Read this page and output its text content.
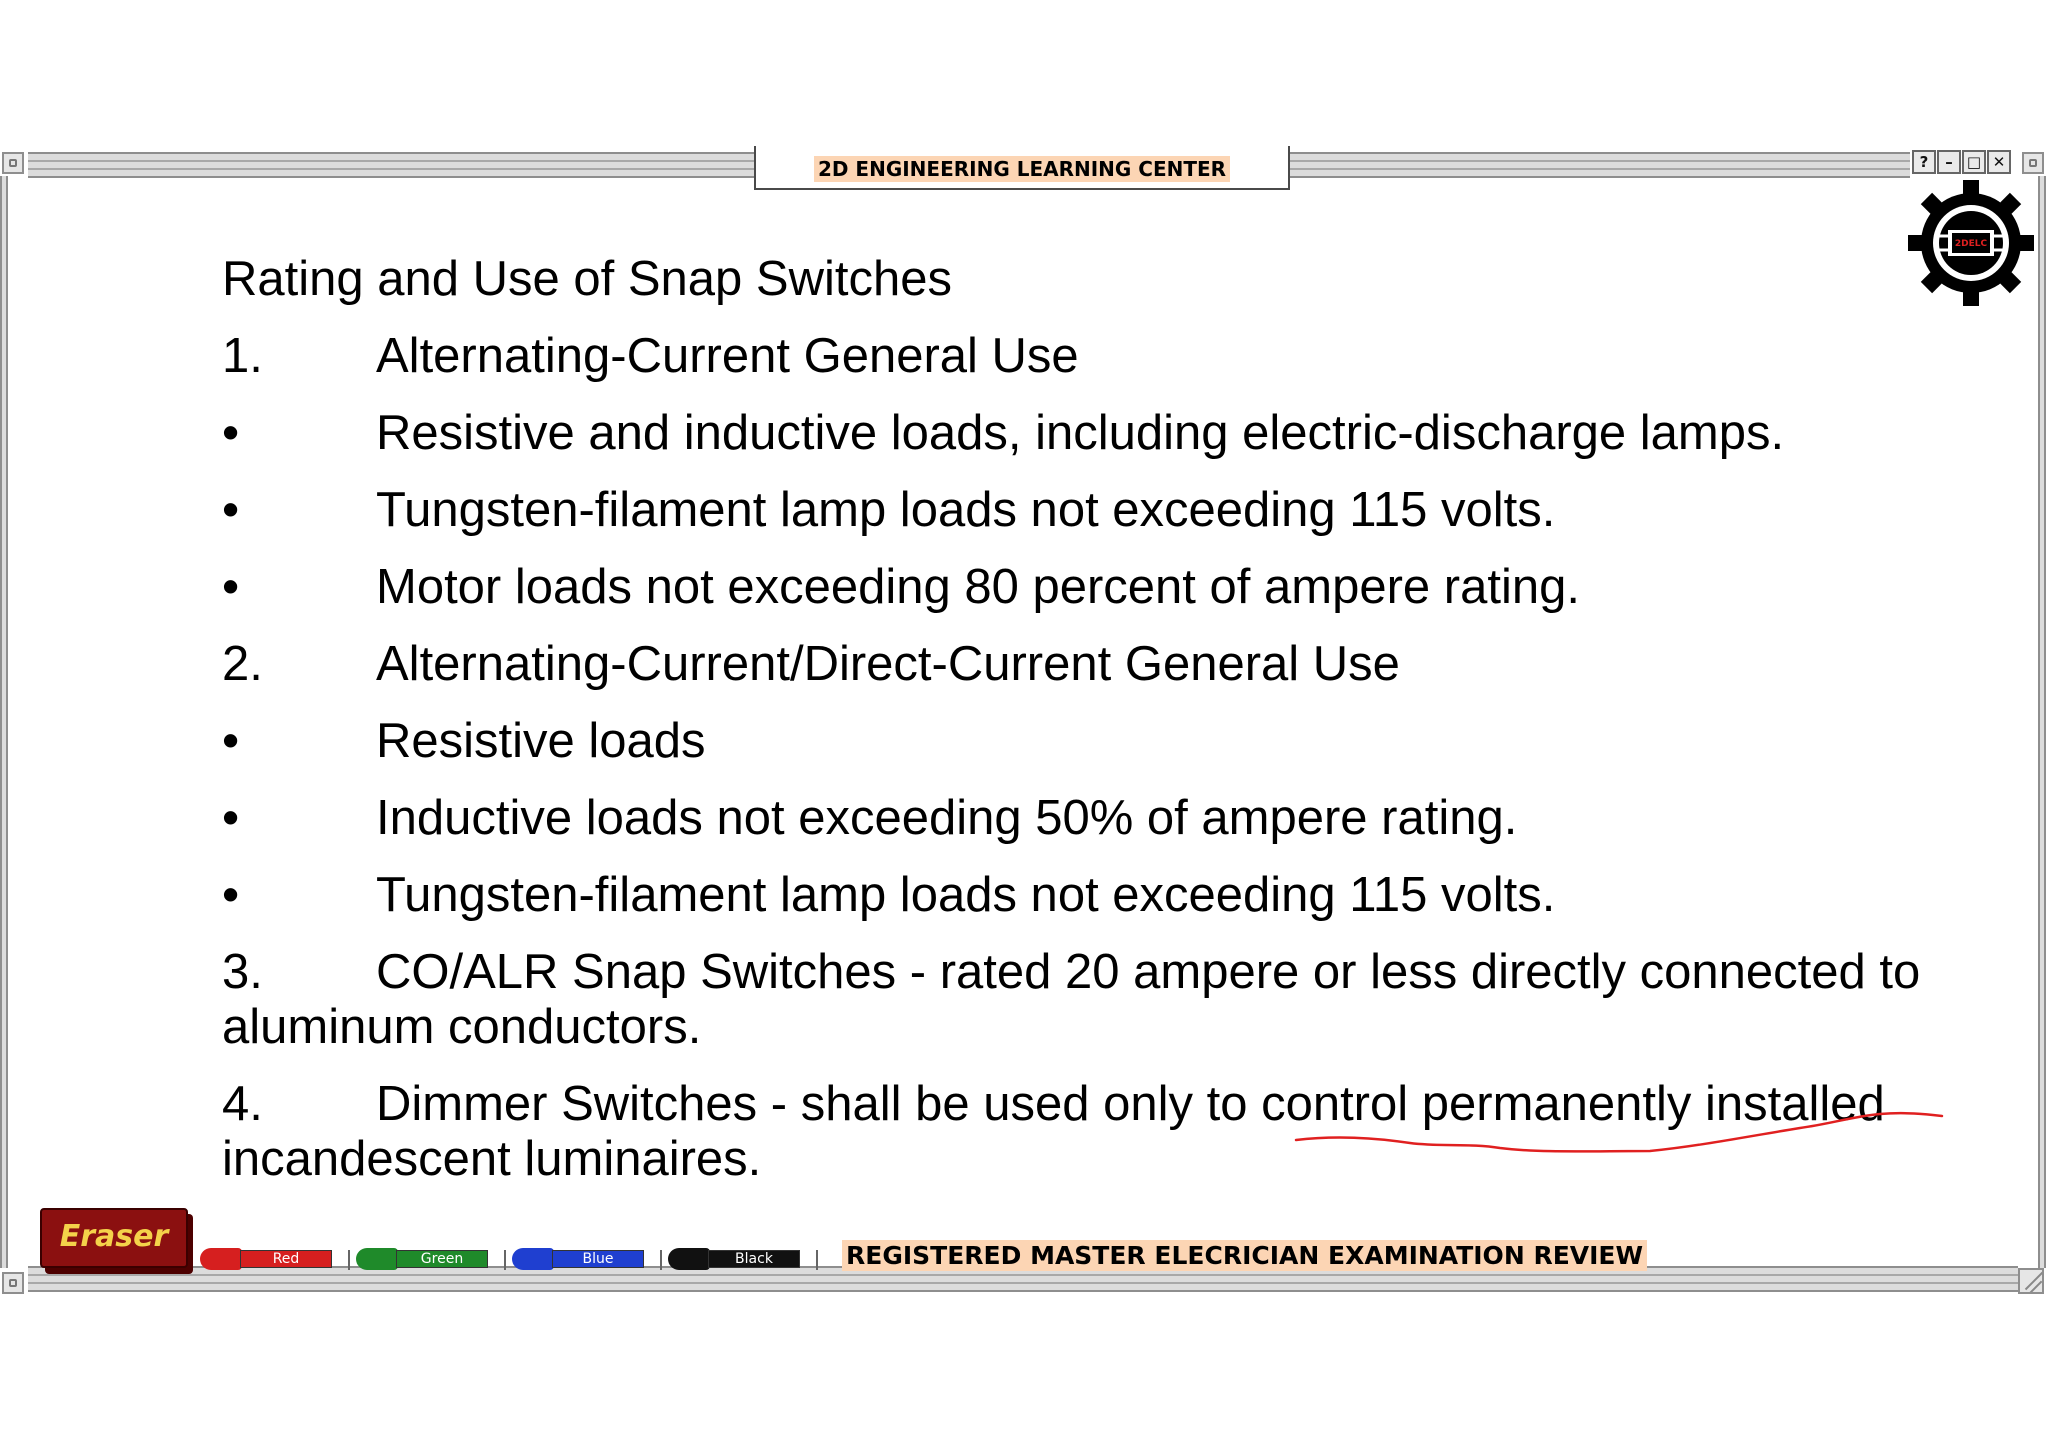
2D ENGINEERING LEARNING CENTER	?	– □ ✕
2DELC
Rating and Use of Snap Switches
1. Alternating-Current General Use
•	Resistive and inductive loads, including electric-discharge lamps.
•	Tungsten-filament lamp loads not exceeding 115 volts.
•	Motor loads not exceeding 80 percent of ampere rating.
2. Alternating-Current/Direct-Current General Use
•	Resistive loads
•	Inductive loads not exceeding 50% of ampere rating.
•	Tungsten-filament lamp loads not exceeding 115 volts.
3. CO/ALR Snap Switches - rated 20 ampere or less directly connected to
aluminum conductors.
4. Dimmer Switches - shall be used only to control permanently installed
incandescent luminaires.
Eraser
Red	Green	Blue	Black	REGISTERED MASTER ELECRICIAN EXAMINATION REVIEW
